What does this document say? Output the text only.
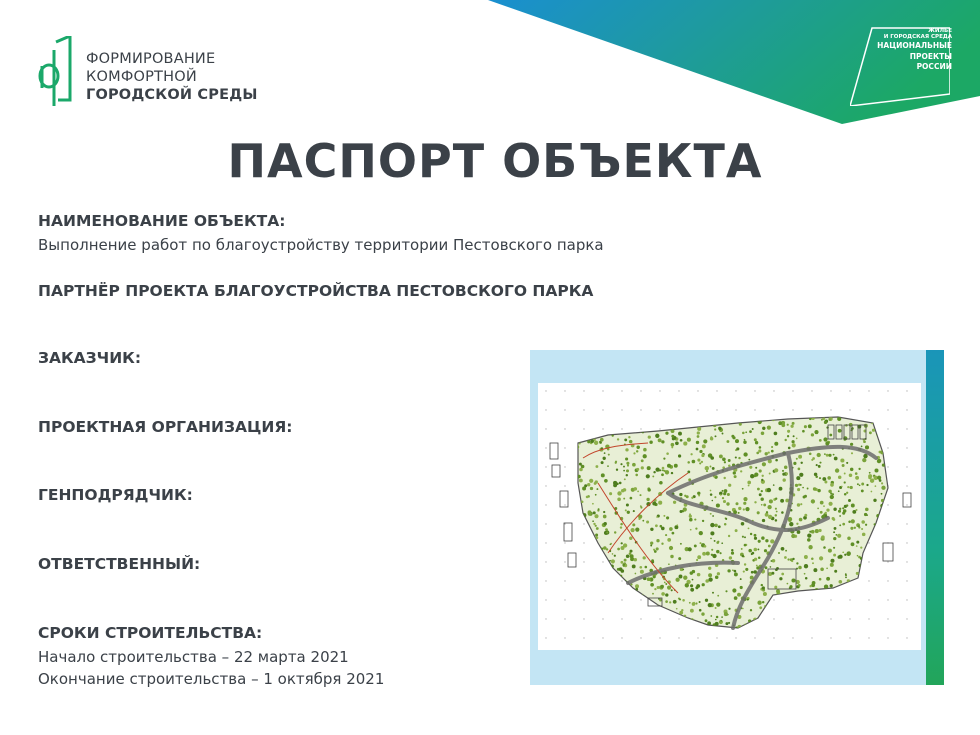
ФОРМИРОВАНИЕ
КОМФОРТНОЙ
ГОРОДСКОЙ СРЕДЫ
ЖИЛЬЕ
И ГОРОДСКАЯ СРЕДА
НАЦИОНАЛЬНЫЕ
ПРОЕКТЫ
РОССИИ
ПАСПОРТ ОБЪЕКТА
НАИМЕНОВАНИЕ ОБЪЕКТА:
Выполнение работ по благоустройству территории Пестовского парка
ПАРТНЁР ПРОЕКТА БЛАГОУСТРОЙСТВА ПЕСТОВСКОГО ПАРКА
ЗАКАЗЧИК:
ПРОЕКТНАЯ ОРГАНИЗАЦИЯ:
ГЕНПОДРЯДЧИК:
ОТВЕТСТВЕННЫЙ:
СРОКИ СТРОИТЕЛЬСТВА:
Начало строительства – 22 марта 2021
Окончание строительства – 1 октября 2021
